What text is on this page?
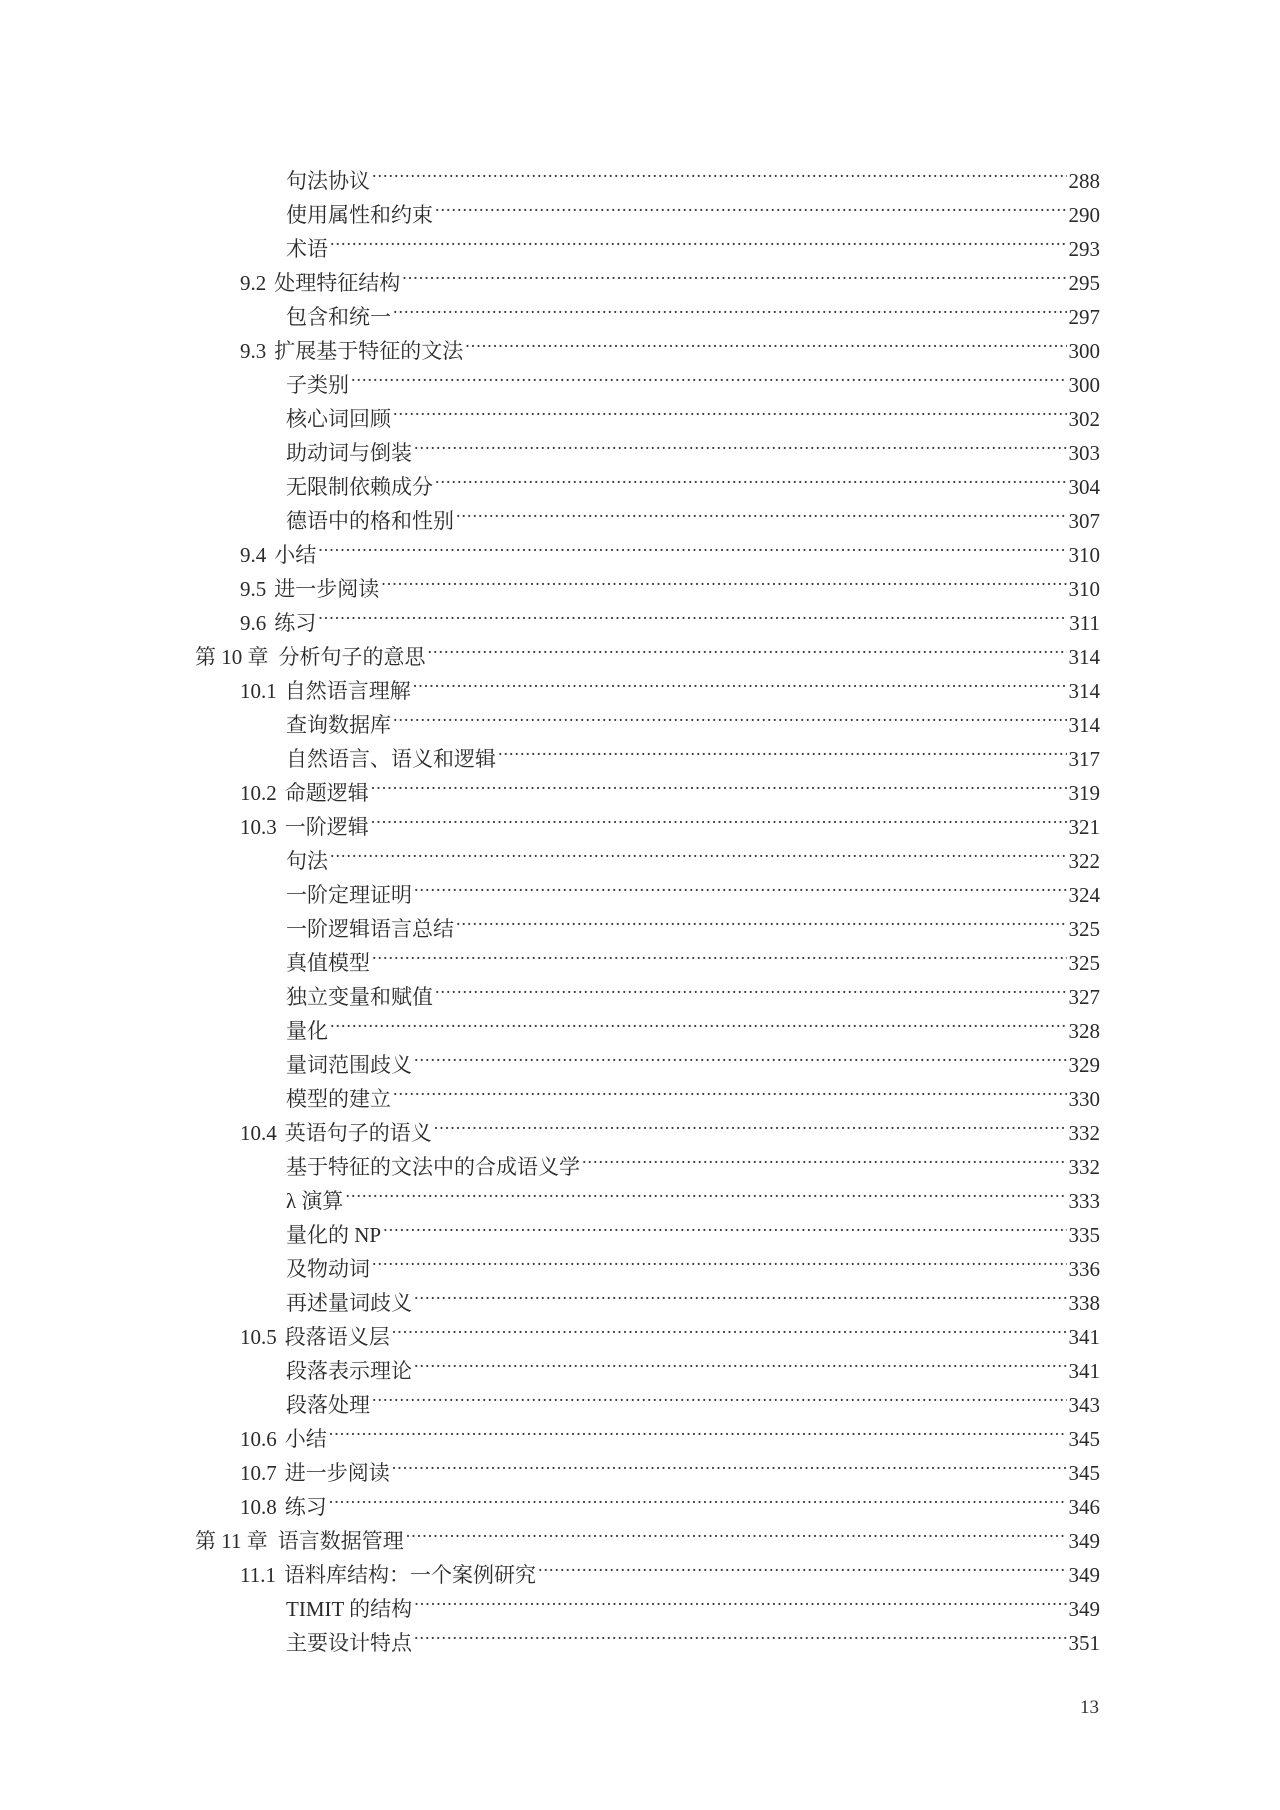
句法协议 .....	288
使用属性和约束 .....	290
术语 .....	293
9.2 处理特征结构 .....	295
包含和统一 .....	297
9.3 扩展基于特征的文法 .....	300
子类别 .....	300
核心词回顾 .....	302
助动词与倒装 .....	303
无限制依赖成分 .....	304
德语中的格和性别 .....	307
9.4 小结 .....	310
9.5 进一步阅读 .....	310
9.6 练习 .....	311
第 10 章 分析句子的意思 .....	314
10.1 自然语言理解 .....	314
查询数据库 .....	314
自然语言、语义和逻辑 .....	317
10.2 命题逻辑 .....	319
10.3 一阶逻辑 .....	321
句法 .....	322
一阶定理证明 .....	324
一阶逻辑语言总结 .....	325
真值模型 .....	325
独立变量和赋值 .....	327
量化 .....	328
量词范围歧义 .....	329
模型的建立 .....	330
10.4 英语句子的语义 .....	332
基于特征的文法中的合成语义学 .....	332
λ 演算 .....	333
量化的 NP .....	335
及物动词 .....	336
再述量词歧义 .....	338
10.5 段落语义层 .....	341
段落表示理论 .....	341
段落处理 .....	343
10.6 小结 .....	345
10.7 进一步阅读 .....	345
10.8 练习 .....	346
第 11 章 语言数据管理 .....	349
11.1 语料库结构：一个案例研究 .....	349
TIMIT 的结构 .....	349
主要设计特点 .....	351
13
